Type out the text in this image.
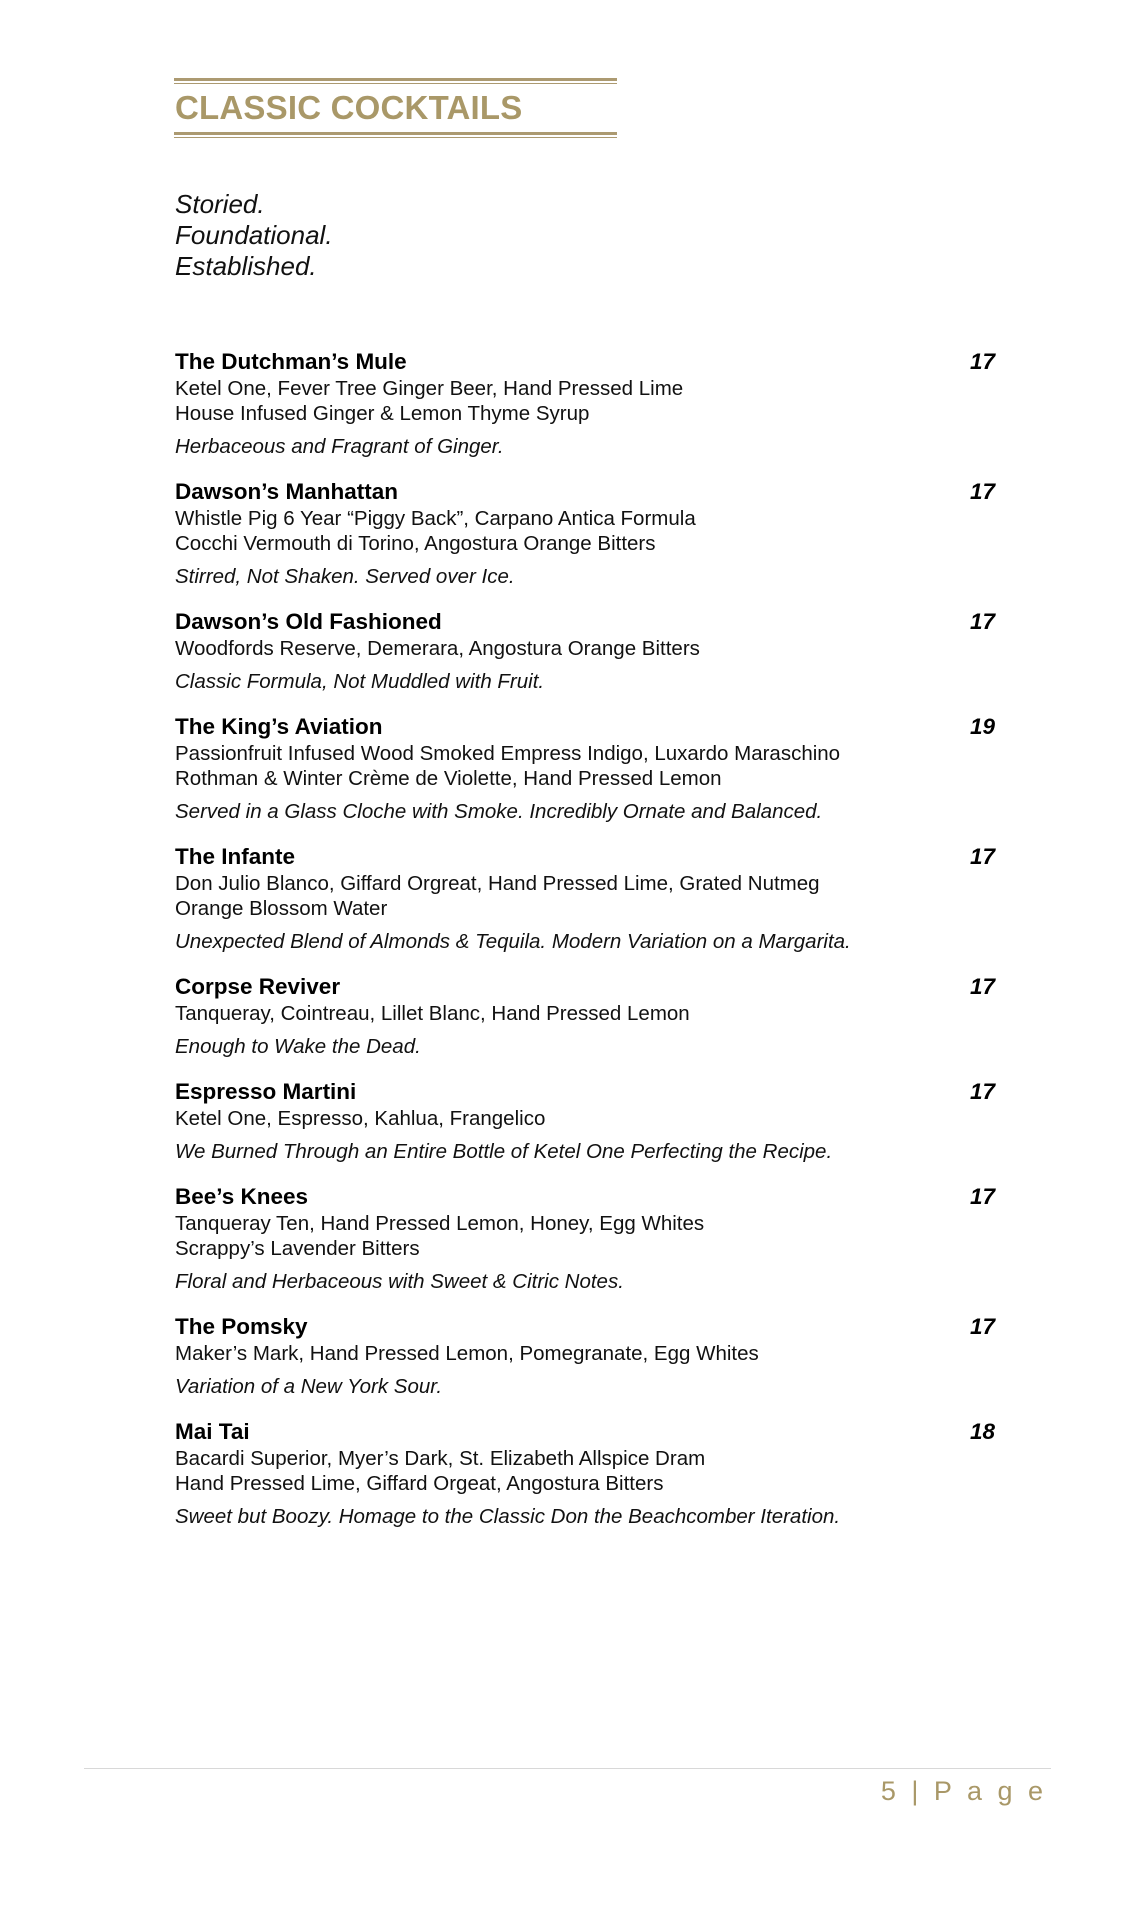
CLASSIC COCKTAILS
Storied.
Foundational.
Established.
The Dutchman’s Mule	17
Ketel One, Fever Tree Ginger Beer, Hand Pressed Lime
House Infused Ginger & Lemon Thyme Syrup
Herbaceous and Fragrant of Ginger.
Dawson’s Manhattan	17
Whistle Pig 6 Year “Piggy Back”, Carpano Antica Formula
Cocchi Vermouth di Torino, Angostura Orange Bitters
Stirred, Not Shaken. Served over Ice.
Dawson’s Old Fashioned	17
Woodfords Reserve, Demerara, Angostura Orange Bitters
Classic Formula, Not Muddled with Fruit.
The King’s Aviation	19
Passionfruit Infused Wood Smoked Empress Indigo, Luxardo Maraschino
Rothman & Winter Crème de Violette, Hand Pressed Lemon
Served in a Glass Cloche with Smoke. Incredibly Ornate and Balanced.
The Infante	17
Don Julio Blanco, Giffard Orgreat, Hand Pressed Lime, Grated Nutmeg
Orange Blossom Water
Unexpected Blend of Almonds & Tequila. Modern Variation on a Margarita.
Corpse Reviver	17
Tanqueray, Cointreau, Lillet Blanc, Hand Pressed Lemon
Enough to Wake the Dead.
Espresso Martini	17
Ketel One, Espresso, Kahlua, Frangelico
We Burned Through an Entire Bottle of Ketel One Perfecting the Recipe.
Bee’s Knees	17
Tanqueray Ten, Hand Pressed Lemon, Honey, Egg Whites
Scrappy’s Lavender Bitters
Floral and Herbaceous with Sweet & Citric Notes.
The Pomsky	17
Maker’s Mark, Hand Pressed Lemon, Pomegranate, Egg Whites
Variation of a New York Sour.
Mai Tai	18
Bacardi Superior, Myer’s Dark, St. Elizabeth Allspice Dram
Hand Pressed Lime, Giffard Orgeat, Angostura Bitters
Sweet but Boozy. Homage to the Classic Don the Beachcomber Iteration.
5 | P a g e
